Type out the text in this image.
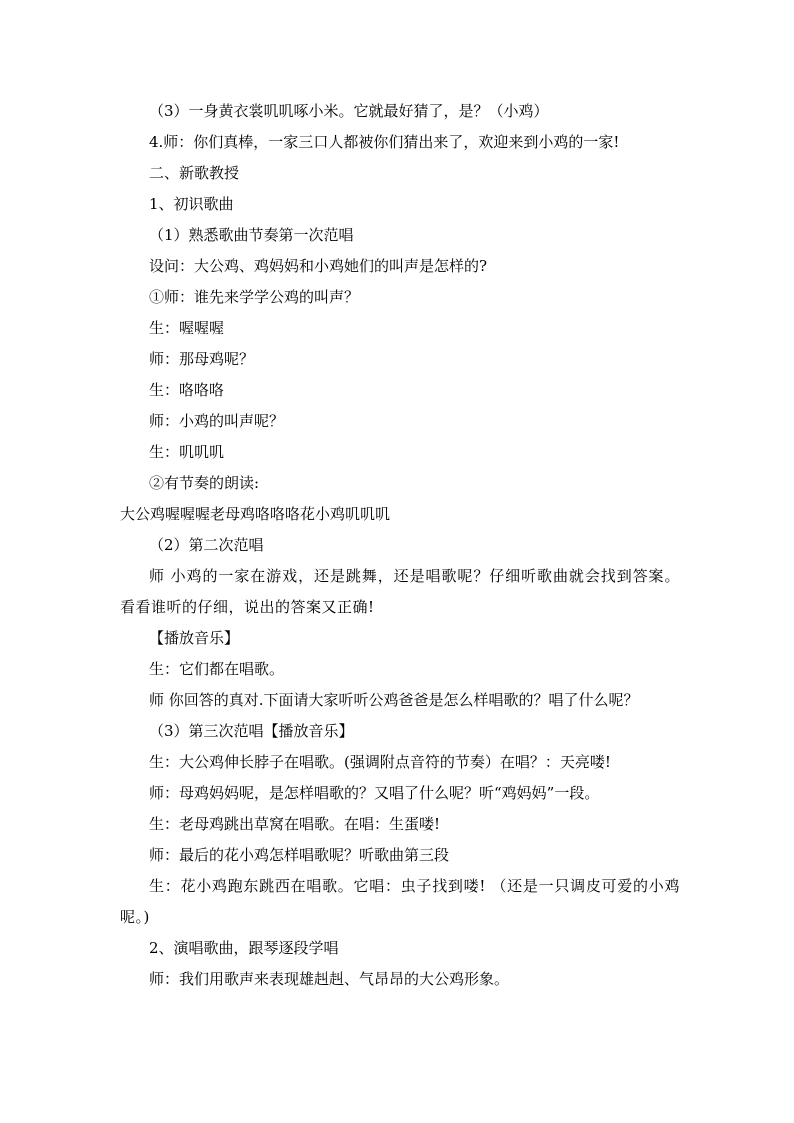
（3）一身黄衣裳叽叽啄小米。它就最好猜了，是？（小鸡）
4.师：你们真棒，一家三口人都被你们猜出来了，欢迎来到小鸡的一家!
二、新歌教授
1、初识歌曲
（1）熟悉歌曲节奏第一次范唱
设问：大公鸡、鸡妈妈和小鸡她们的叫声是怎样的?
①师：谁先来学学公鸡的叫声？
生：喔喔喔
师：那母鸡呢？
生：咯咯咯
师：小鸡的叫声呢？
生：叽叽叽
②有节奏的朗读:
大公鸡喔喔喔老母鸡咯咯咯花小鸡叽叽叽
（2）第二次范唱
师 小鸡的一家在游戏，还是跳舞，还是唱歌呢？仔细听歌曲就会找到答案。看看谁听的仔细，说出的答案又正确!
【播放音乐】
生：它们都在唱歌。
师 你回答的真对.下面请大家听听公鸡爸爸是怎么样唱歌的？唱了什么呢？
（3）第三次范唱【播放音乐】
生：大公鸡伸长脖子在唱歌。(强调附点音符的节奏）在唱？：天亮喽!
师：母鸡妈妈呢，是怎样唱歌的？又唱了什么呢？听“鸡妈妈”一段。
生：老母鸡跳出草窝在唱歌。在唱：生蛋喽!
师：最后的花小鸡怎样唱歌呢？听歌曲第三段
生：花小鸡跑东跳西在唱歌。它唱：虫子找到喽! （还是一只调皮可爱的小鸡呢。)
2、演唱歌曲，跟琴逐段学唱
师：我们用歌声来表现雄赳赳、气昂昂的大公鸡形象。
